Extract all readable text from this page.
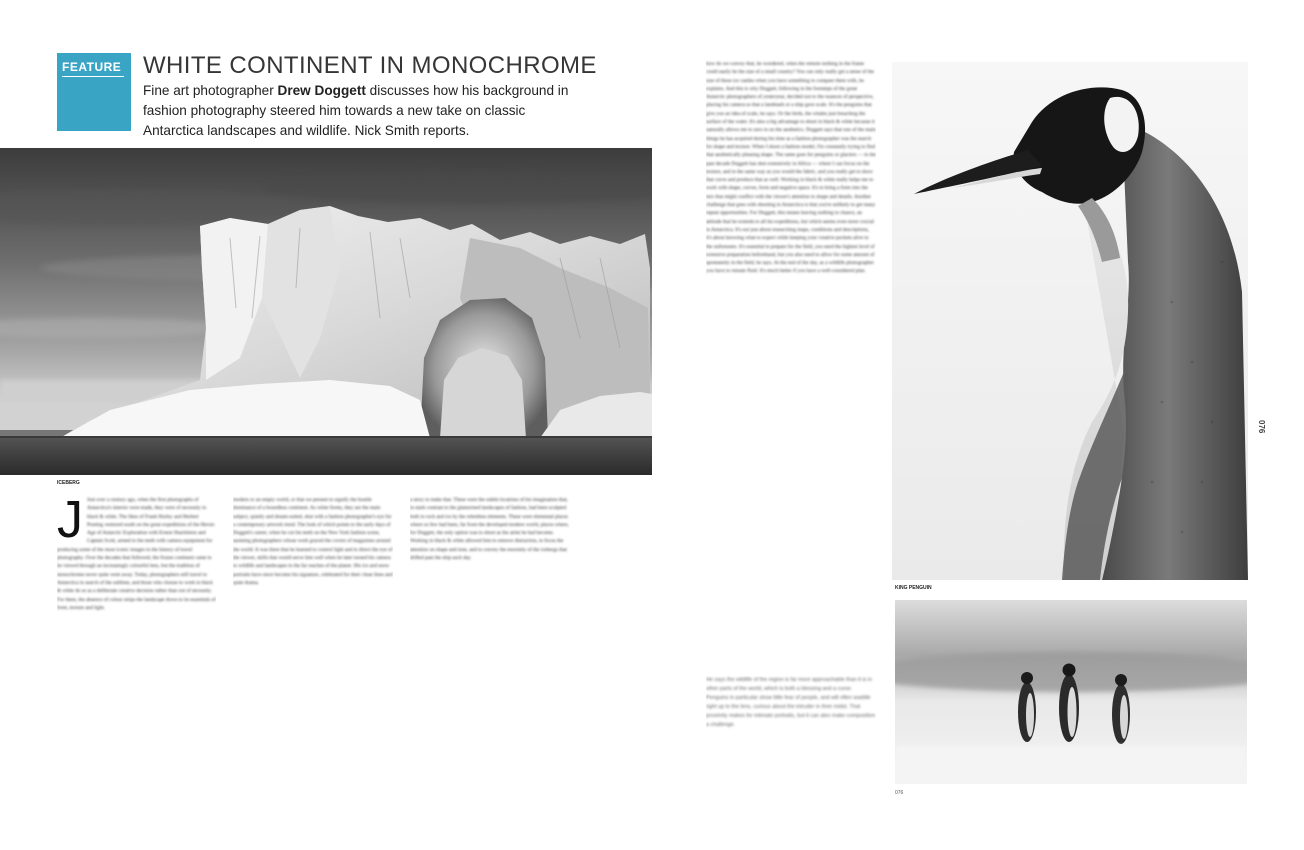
FEATURE WHITE CONTINENT IN MONOCHROME
Fine art photographer Drew Doggett discusses how his background in fashion photography steered him towards a new take on classic Antarctica landscapes and wildlife. Nick Smith reports.
ICEBERG
J Just over a century ago, when the first photographs of Antarctica's interior were made, they were of necessity in black & white. The likes of Frank Hurley and Herbert Ponting ventured south on the great expeditions of the Heroic Age of Antarctic Exploration with Ernest Shackleton and Captain Scott, armed to the teeth with camera equipment for producing some of the most iconic images in the history of travel photography. Over the decades that followed, the frozen continent came to be viewed through an increasingly colourful lens, but the tradition of monochrome never quite went away. Today, photographers still travel to Antarctica in search of the sublime, and those who choose to work in black & white do so as a deliberate creative decision rather than out of necessity. For them, the absence of colour strips the landscape down to its essentials of form, texture and light.
modern or an empty world, or that we present to signify the hostile dominance of a boundless continent. As white forms, they are the main subject, quietly and dream-suited, shot with a fashion photographer's eye for a contemporary artwork trend. The look of which points to the early days of Doggett's career, when he cut his teeth on the New York fashion scene, assisting photographers whose work graced the covers of magazines around the world. It was there that he learned to control light and to direct the eye of the viewer, skills that would serve him well when he later turned his camera to wildlife and landscapes in the far reaches of the planet. His ice and snow portraits have since become his signature, celebrated for their clean lines and quiet drama.
a story to make that. These were the subtle locations of his imagination that, in stark contrast to the glamorised landscapes of fashion, had been sculpted both in rock and ice by the relentless elements. These were elemental places where so few had been, far from the developed modern world, places where, for Doggett, the only option was to shoot as the artist he had become. Working in black & white allowed him to remove distraction, to focus the attention on shape and tone, and to convey the enormity of the icebergs that drifted past the ship each day.
how do we convey that, he wondered, when the remote nothing in the frame could easily be the size of a small country? You can only really get a sense of the size of these ice castles when you have something to compare them with, he explains. And this is why Doggett, following in the footsteps of the great Antarctic photographers of yesteryear, decided not to the nuances of perspective, placing his camera so that a landmark or a ship gave scale. It's the penguins that give you an idea of scale, he says. Or the birds, the whales just breaching the surface of the water. It's also a big advantage to shoot in black & white because it naturally allows me to zero in on the aesthetics. Doggett says that one of the main things he has acquired during his time as a fashion photographer was the search for shape and texture. When I shoot a fashion model, I'm constantly trying to find that aesthetically pleasing shape. The same goes for penguins or glaciers — in the past decade Doggett has shot extensively in Africa — where I can focus on the texture, and in the same way as you would the fabric, and you really get to show that curve and produce that as well. Working in black & white really helps me to work with shape, curves, form and negative space. It's to bring a form into the mix that might conflict with the viewer's attention to shape and details. Another challenge that goes with shooting in Antarctica is that you're unlikely to get many repeat opportunities. For Doggett, this means leaving nothing to chance, an attitude that he extends to all his expeditions, but which seems even more crucial in Antarctica. It's not just about researching maps, conditions and descriptions, it's about knowing what to expect while keeping your creative pockets alive to the unforeseen. It's essential to prepare for the field, you need the highest level of extensive preparation beforehand, but you also need to allow for some amount of spontaneity in the field, he says. At the end of the day, as a wildlife photographer you have to remain fluid. It's much better if you have a well-considered plan.
He says the wildlife of the region is far more approachable than it is in other parts of the world, which is both a blessing and a curse. Penguins in particular show little fear of people, and will often waddle right up to the lens, curious about the intruder in their midst. That proximity makes for intimate portraits, but it can also make composition a challenge.
KING PENGUIN
076
076
